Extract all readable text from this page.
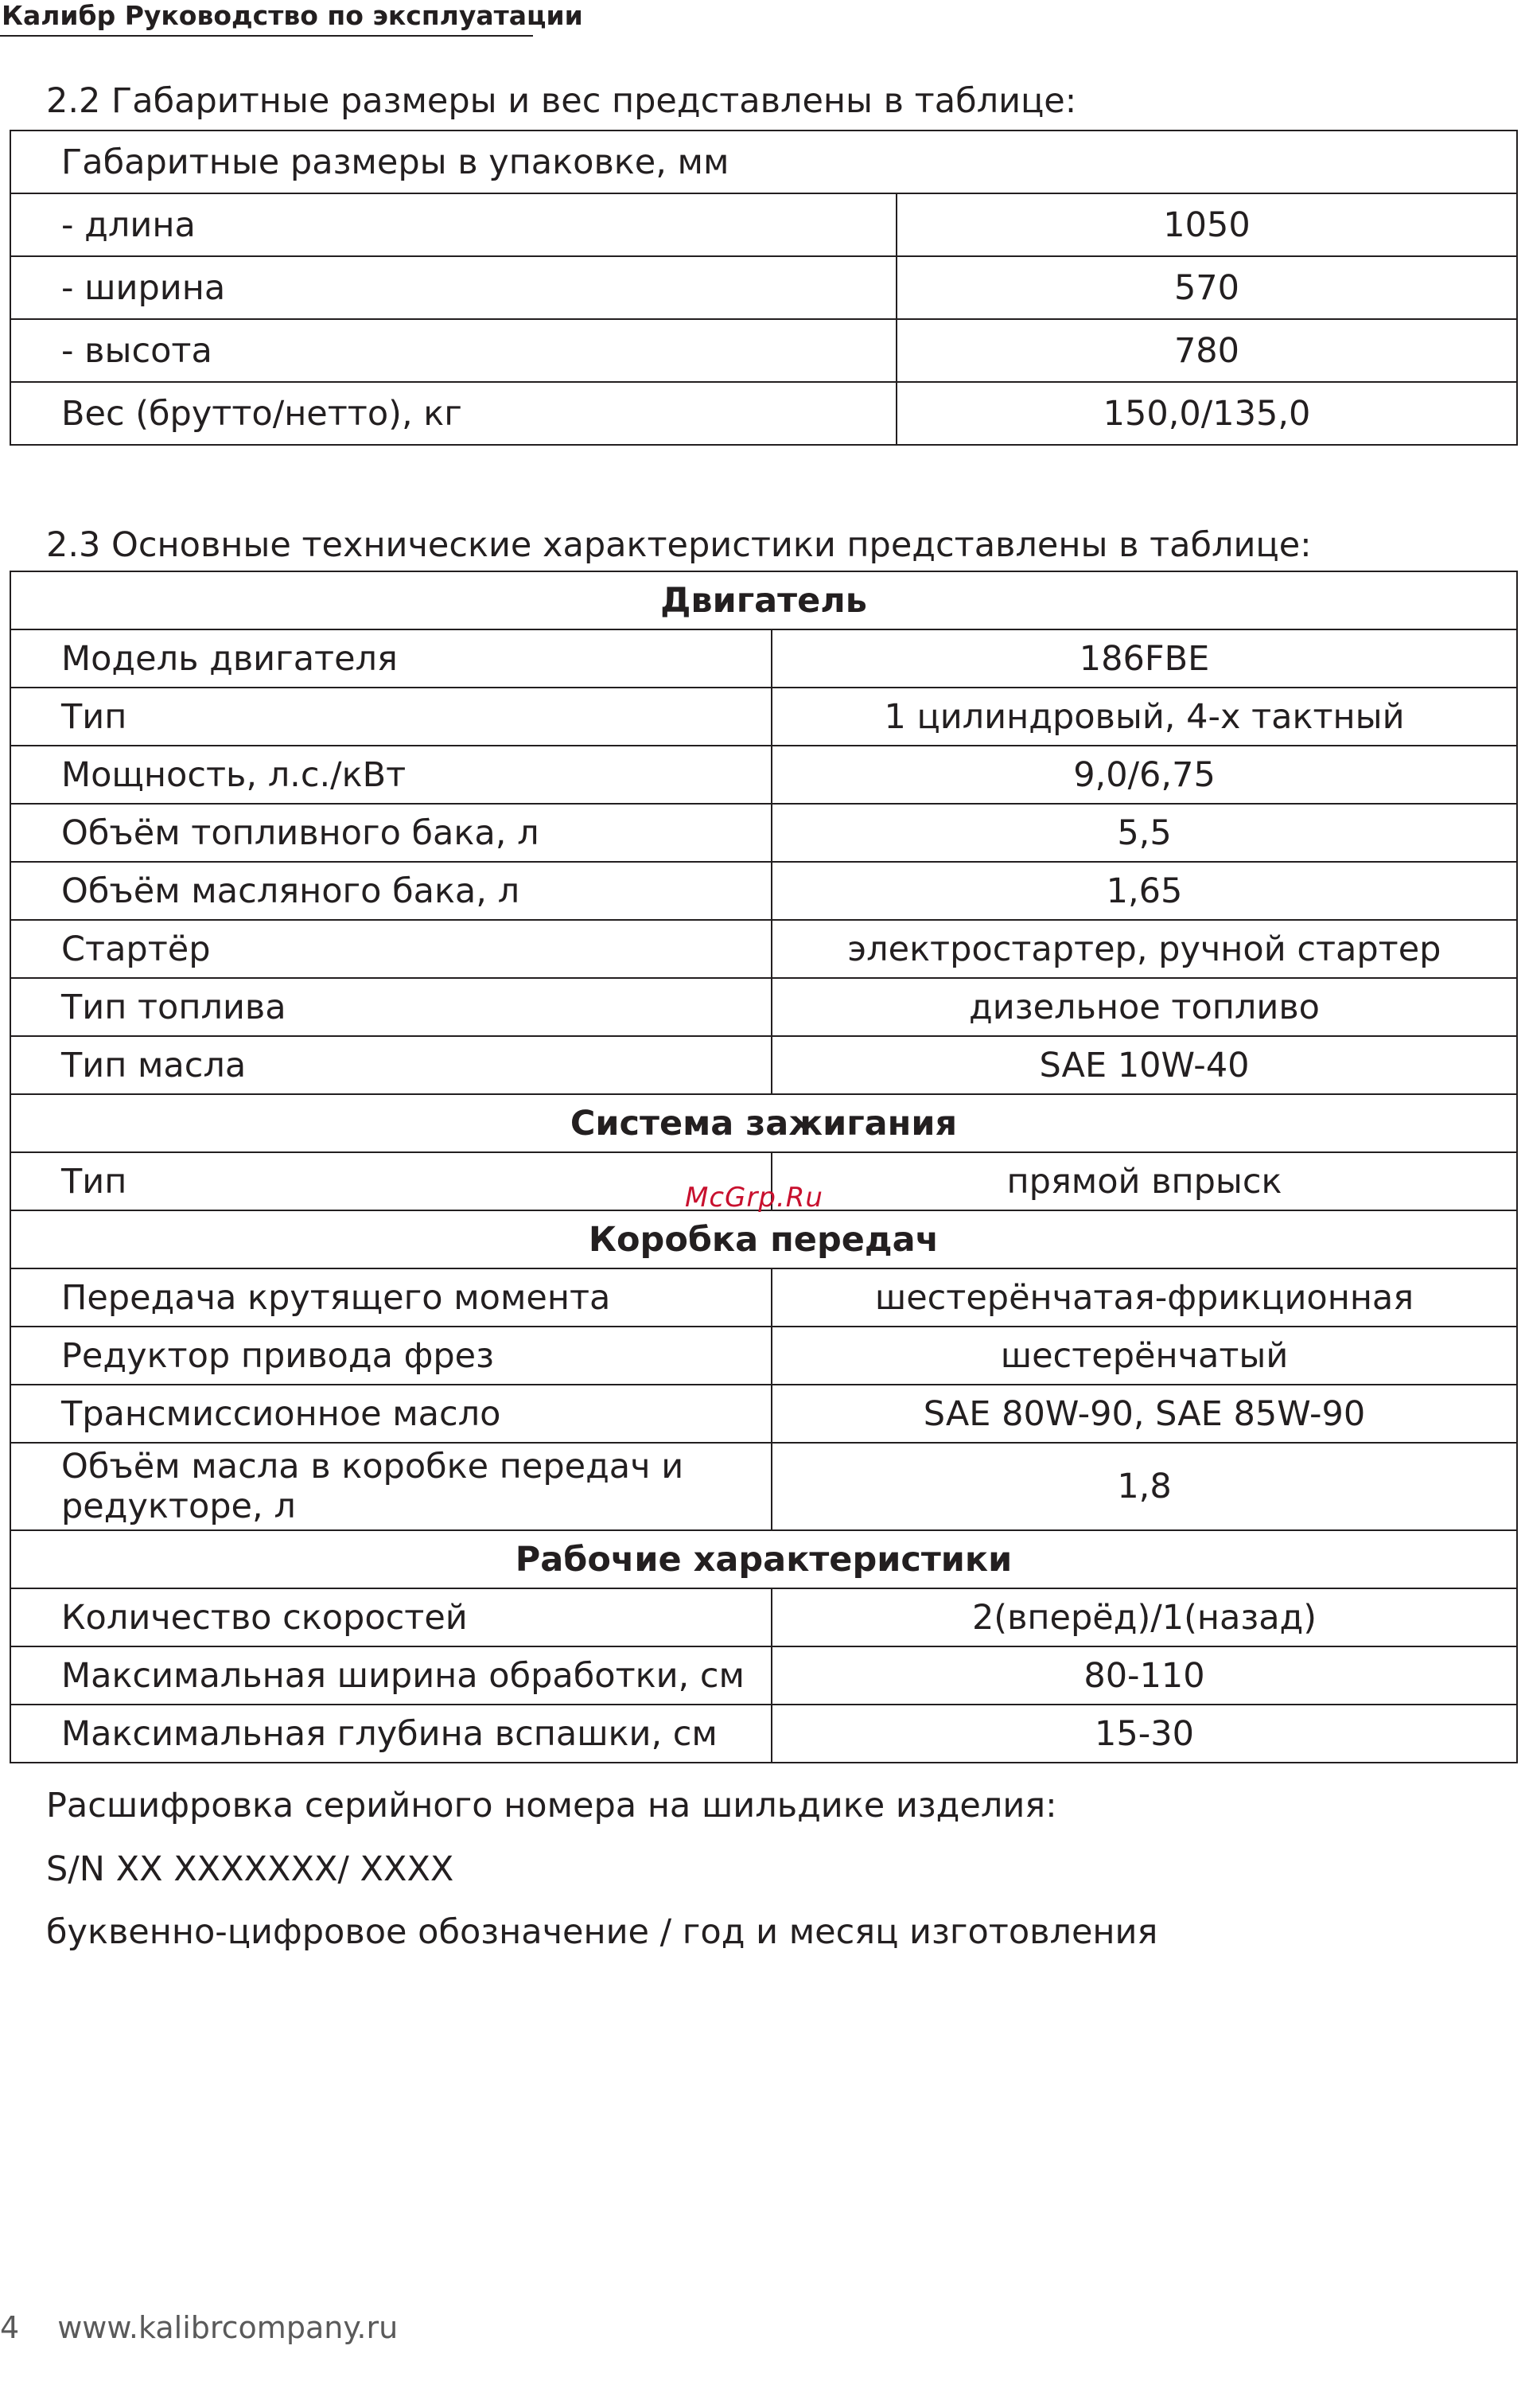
Калибр Руководство по эксплуатации
2.2 Габаритные размеры и вес представлены в таблице:
Габаритные размеры в упаковке, мм	
- длина	1050
- ширина	570
- высота	780
Вес (брутто/нетто), кг	150,0/135,0
2.3 Основные технические характеристики представлены в таблице:
Двигатель	
Модель двигателя	186FBE
Тип	1 цилиндровый, 4-х тактный
Мощность, л.с./кВт	9,0/6,75
Объём топливного бака, л	5,5
Объём масляного бака, л	1,65
Стартёр	электростартер, ручной стартер
Тип топлива	дизельное топливо
Тип масла	SAE 10W-40
Система зажигания	
Тип	прямой впрыск
Коробка передач	
Передача крутящего момента	шестерёнчатая-фрикционная
Редуктор привода фрез	шестерёнчатый
Трансмиссионное масло	SAE 80W-90, SAE 85W-90
Объём масла в коробке передач и
редукторе, л	1,8
Рабочие характеристики	
Количество скоростей	2(вперёд)/1(назад)
Максимальная ширина обработки, см	80-110
Максимальная глубина вспашки, см	15-30
McGrp.Ru
Расшифровка серийного номера на шильдике изделия:
S/N XX XXXXXXX/ XXXX
буквенно-цифровое обозначение / год и месяц изготовления
4 www.kalibrcompany.ru
